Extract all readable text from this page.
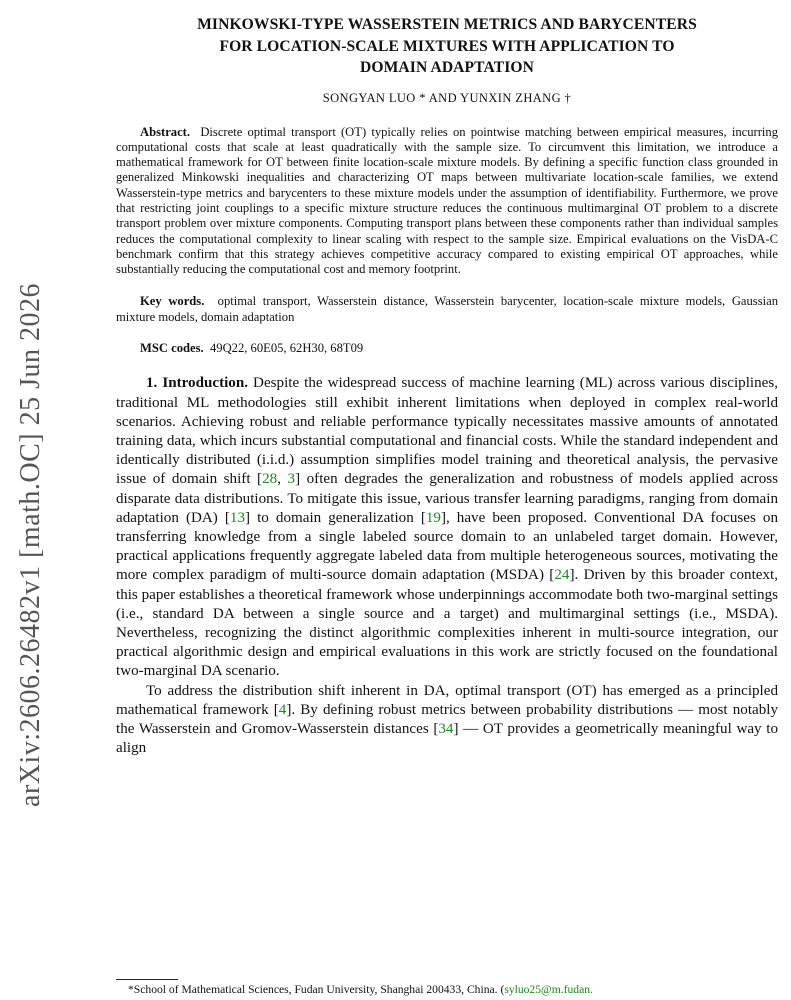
arXiv:2606.26482v1 [math.OC] 25 Jun 2026
MINKOWSKI-TYPE WASSERSTEIN METRICS AND BARYCENTERS
FOR LOCATION-SCALE MIXTURES WITH APPLICATION TO
DOMAIN ADAPTATION
SONGYAN LUO * AND YUNXIN ZHANG †
Abstract. Discrete optimal transport (OT) typically relies on pointwise matching between empirical measures, incurring computational costs that scale at least quadratically with the sample size. To circumvent this limitation, we introduce a mathematical framework for OT between finite location-scale mixture models. By defining a specific function class grounded in generalized Minkowski inequalities and characterizing OT maps between multivariate location-scale families, we extend Wasserstein-type metrics and barycenters to these mixture models under the assumption of identifiability. Furthermore, we prove that restricting joint couplings to a specific mixture structure reduces the continuous multimarginal OT problem to a discrete transport problem over mixture components. Computing transport plans between these components rather than individual samples reduces the computational complexity to linear scaling with respect to the sample size. Empirical evaluations on the VisDA-C benchmark confirm that this strategy achieves competitive accuracy compared to existing empirical OT approaches, while substantially reducing the computational cost and memory footprint.
Key words. optimal transport, Wasserstein distance, Wasserstein barycenter, location-scale mixture models, Gaussian mixture models, domain adaptation
MSC codes. 49Q22, 60E05, 62H30, 68T09
1. Introduction. Despite the widespread success of machine learning (ML) across various disciplines, traditional ML methodologies still exhibit inherent limitations when deployed in complex real-world scenarios. Achieving robust and reliable performance typically necessitates massive amounts of annotated training data, which incurs substantial computational and financial costs. While the standard independent and identically distributed (i.i.d.) assumption simplifies model training and theoretical analysis, the pervasive issue of domain shift [28, 3] often degrades the generalization and robustness of models applied across disparate data distributions. To mitigate this issue, various transfer learning paradigms, ranging from domain adaptation (DA) [13] to domain generalization [19], have been proposed. Conventional DA focuses on transferring knowledge from a single labeled source domain to an unlabeled target domain. However, practical applications frequently aggregate labeled data from multiple heterogeneous sources, motivating the more complex paradigm of multi-source domain adaptation (MSDA) [24]. Driven by this broader context, this paper establishes a theoretical framework whose underpinnings accommodate both two-marginal settings (i.e., standard DA between a single source and a target) and multimarginal settings (i.e., MSDA). Nevertheless, recognizing the distinct algorithmic complexities inherent in multi-source integration, our practical algorithmic design and empirical evaluations in this work are strictly focused on the foundational two-marginal DA scenario.
To address the distribution shift inherent in DA, optimal transport (OT) has emerged as a principled mathematical framework [4]. By defining robust metrics between probability distributions — most notably the Wasserstein and Gromov-Wasserstein distances [34] — OT provides a geometrically meaningful way to align
*School of Mathematical Sciences, Fudan University, Shanghai 200433, China. (syluo25@m.fudan.
